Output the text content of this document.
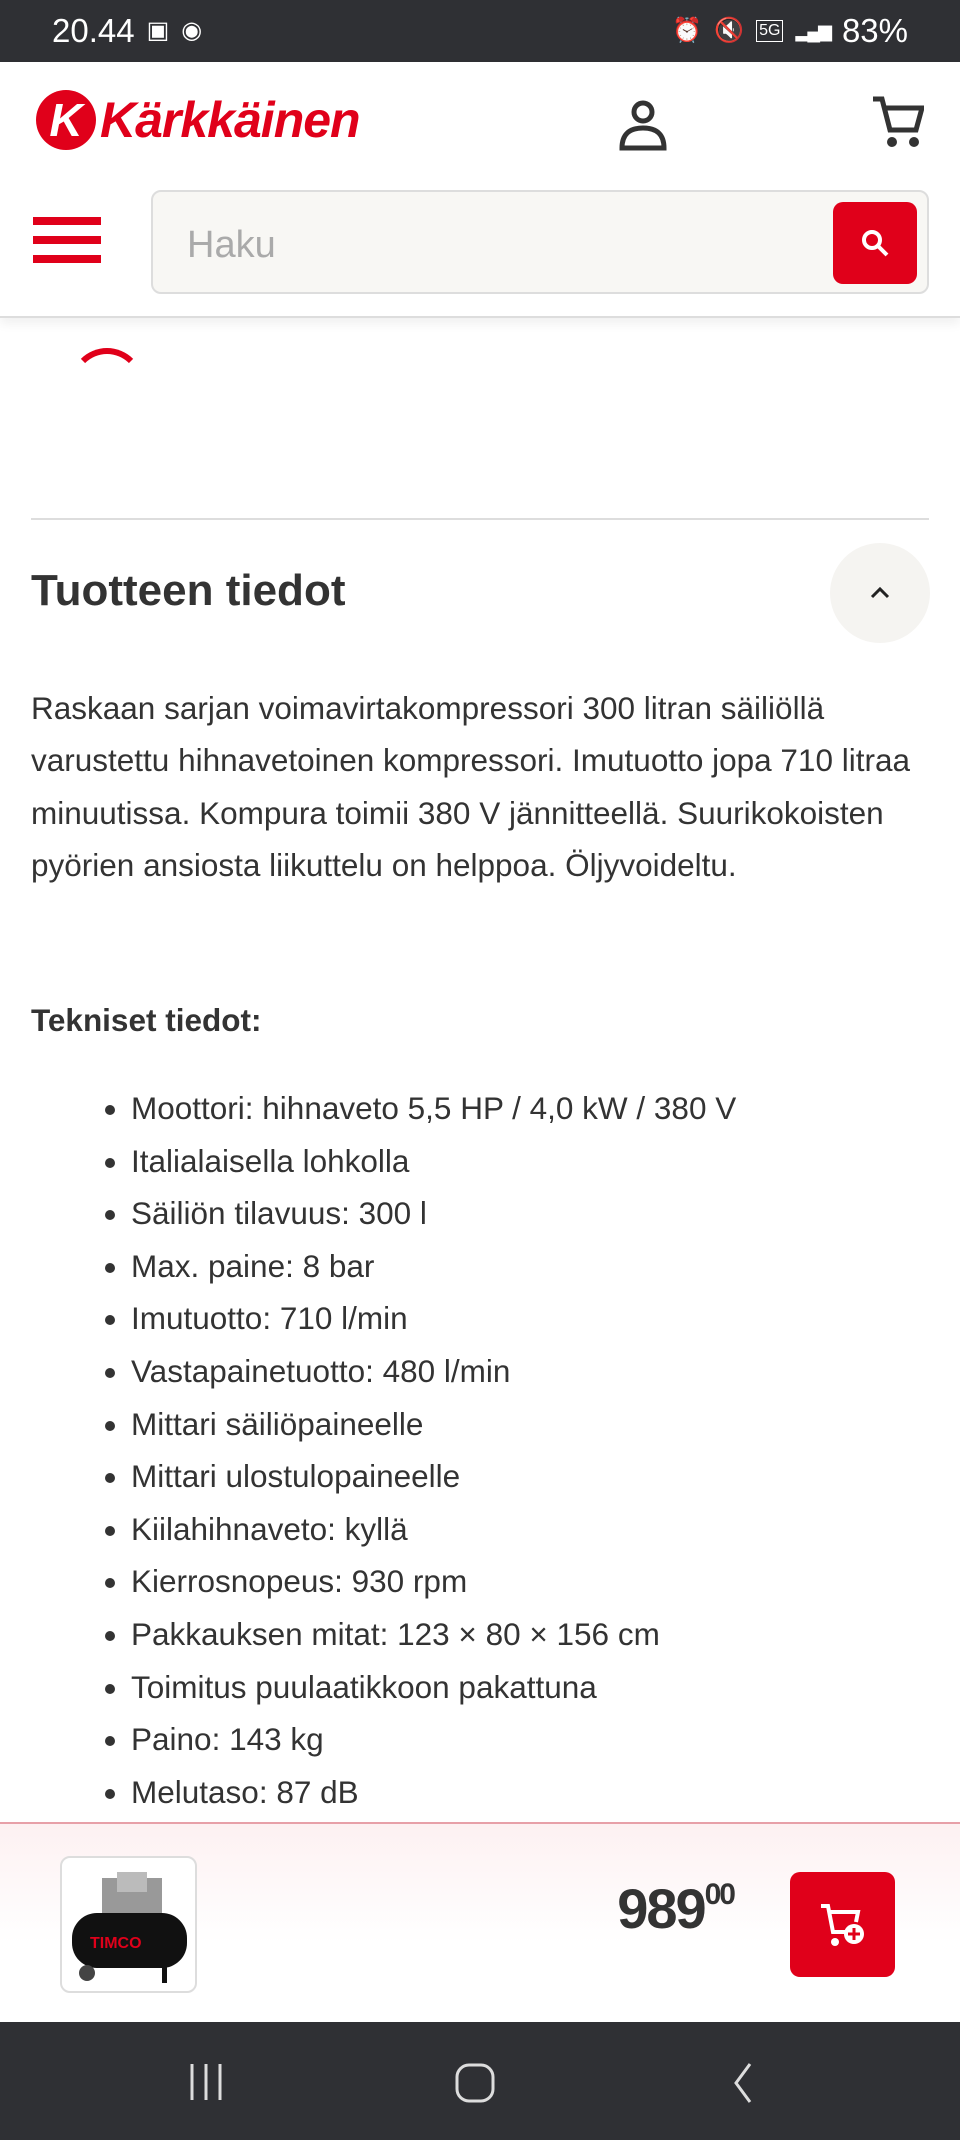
20.44 ▣ ◉	⏰ 🔇 5G ▂▄▆ 83%
K Kärkkäinen
Haku
Tuotteen tiedot

Raskaan sarjan voimavirtakompressori 300 litran säiliöllä varustettu hihnavetoinen kompressori. Imutuotto jopa 710 litraa minuutissa. Kompura toimii 380 V jännitteellä. Suurikokoisten pyörien ansiosta liikuttelu on helppoa. Öljyvoideltu.

Tekniset tiedot:
• Moottori: hihnaveto 5,5 HP / 4,0 kW / 380 V
• Italialaisella lohkolla
• Säiliön tilavuus: 300 l
• Max. paine: 8 bar
• Imutuotto: 710 l/min
• Vastapainetuotto: 480 l/min
• Mittari säiliöpaineelle
• Mittari ulostulopaineelle
• Kiilahihnaveto: kyllä
• Kierrosnopeus: 930 rpm
• Pakkauksen mitat: 123 × 80 × 156 cm
• Toimitus puulaatikkoon pakattuna
• Paino: 143 kg
• Melutaso: 87 dB
TIMCO
$989^{00}$
